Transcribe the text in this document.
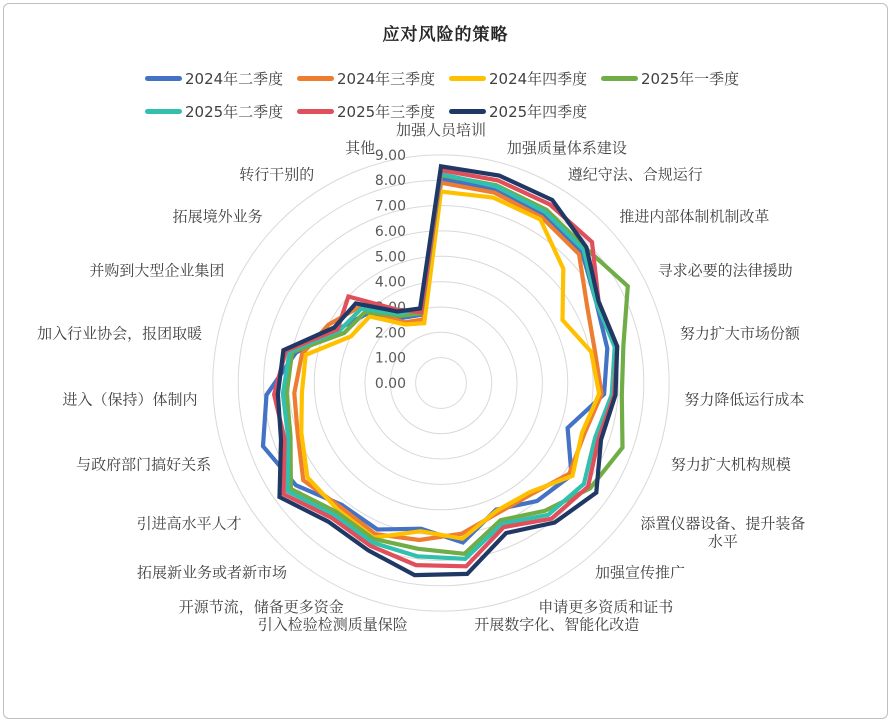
应对风险的策略
2024年二季度	2024年三季度	2024年四季度	2025年一季度
2025年二季度	2025年三季度	2025年四季度
0.00
1.00
2.00
3.00
4.00
5.00
6.00
7.00
8.00
9.00
加强人员培训
加强质量体系建设
遵纪守法、合规运行
推进内部体制机制改革
寻求必要的法律援助
努力扩大市场份额
努力降低运行成本
努力扩大机构规模
添置仪器设备、提升装备水平
加强宣传推广
申请更多资质和证书
开展数字化、智能化改造
引入检验检测质量保险
开源节流，储备更多资金
拓展新业务或者新市场
引进高水平人才
与政府部门搞好关系
进入（保持）体制内
加入行业协会，报团取暖
并购到大型企业集团
拓展境外业务
转行干别的
其他
